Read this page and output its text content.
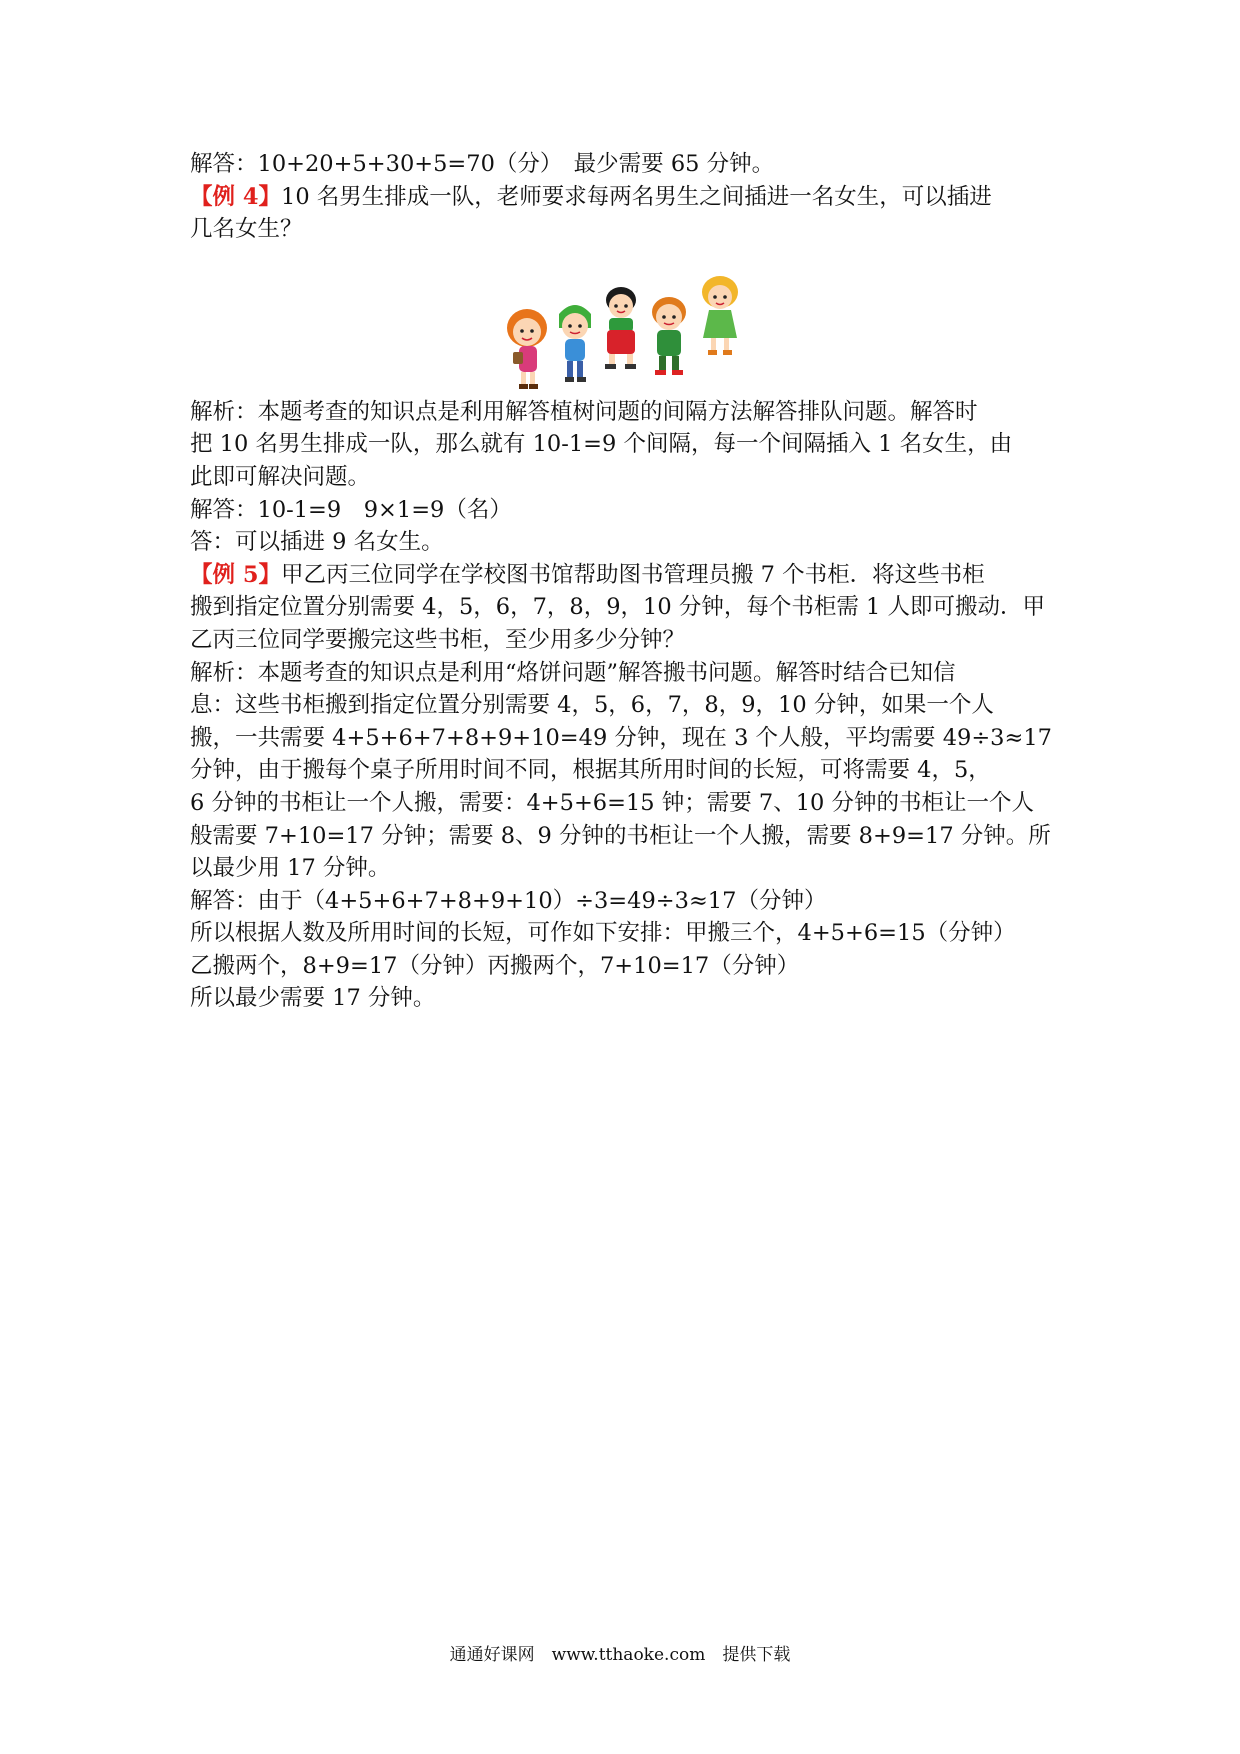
解答：10+20+5+30+5=70（分）　最少需要 65 分钟。

【例 4】10 名男生排成一队，老师要求每两名男生之间插进一名女生，可以插进

几名女生？

解析：本题考查的知识点是利用解答植树问题的间隔方法解答排队问题。解答时

把 10 名男生排成一队，那么就有 10-1=9 个间隔，每一个间隔插入 1 名女生，由

此即可解决问题。

解答：10-1=9　9×1=9（名）

答：可以插进 9 名女生。

【例 5】甲乙丙三位同学在学校图书馆帮助图书管理员搬 7 个书柜．将这些书柜

搬到指定位置分别需要 4，5，6，7，8，9，10 分钟，每个书柜需 1 人即可搬动．甲

乙丙三位同学要搬完这些书柜，至少用多少分钟？

解析：本题考查的知识点是利用“烙饼问题”解答搬书问题。解答时结合已知信

息：这些书柜搬到指定位置分别需要 4，5，6，7，8，9，10 分钟，如果一个人

搬，一共需要 4+5+6+7+8+9+10=49 分钟，现在 3 个人般，平均需要 49÷3≈17

分钟，由于搬每个桌子所用时间不同，根据其所用时间的长短，可将需要 4，5，

6 分钟的书柜让一个人搬，需要：4+5+6=15 钟；需要 7、10 分钟的书柜让一个人

般需要 7+10=17 分钟；需要 8、9 分钟的书柜让一个人搬，需要 8+9=17 分钟。所

以最少用 17 分钟。

解答：由于（4+5+6+7+8+9+10）÷3=49÷3≈17（分钟）

所以根据人数及所用时间的长短，可作如下安排：甲搬三个，4+5+6=15（分钟）

乙搬两个，8+9=17（分钟）丙搬两个，7+10=17（分钟）

所以最少需要 17 分钟。

通通好课网　www.tthaoke.com　提供下载
